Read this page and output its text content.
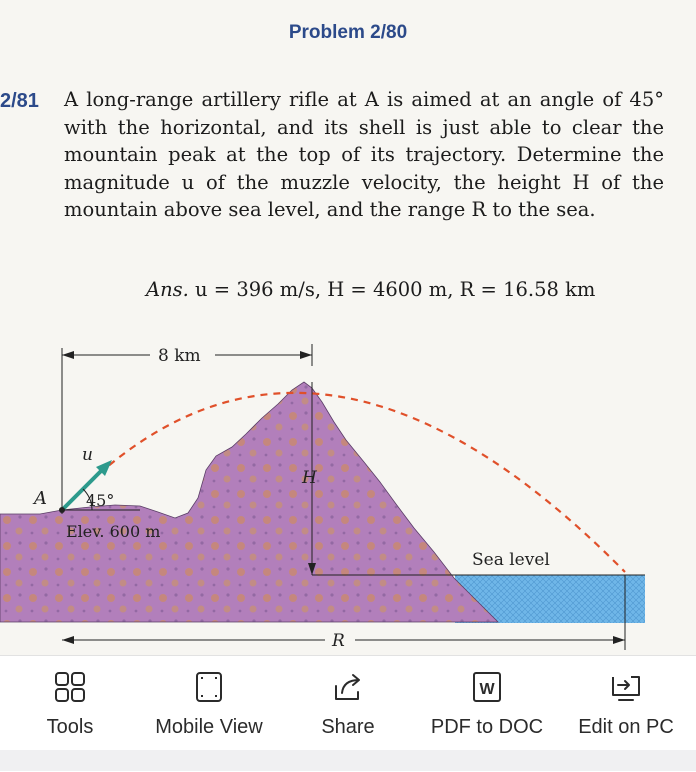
Problem 2/80
2/81 A long-range artillery rifle at A is aimed at an angle of 45° with the horizontal, and its shell is just able to clear the mountain peak at the top of its trajectory. Determine the magnitude u of the muzzle velocity, the height H of the mountain above sea level, and the range R to the sea.
Ans. u = 396 m/s, H = 4600 m, R = 16.58 km
u
A 45°
8 km
H
Elev. 600 m
Sea level
R
Tools	Mobile View	Share
W
PDF to DOC	Edit on PC
